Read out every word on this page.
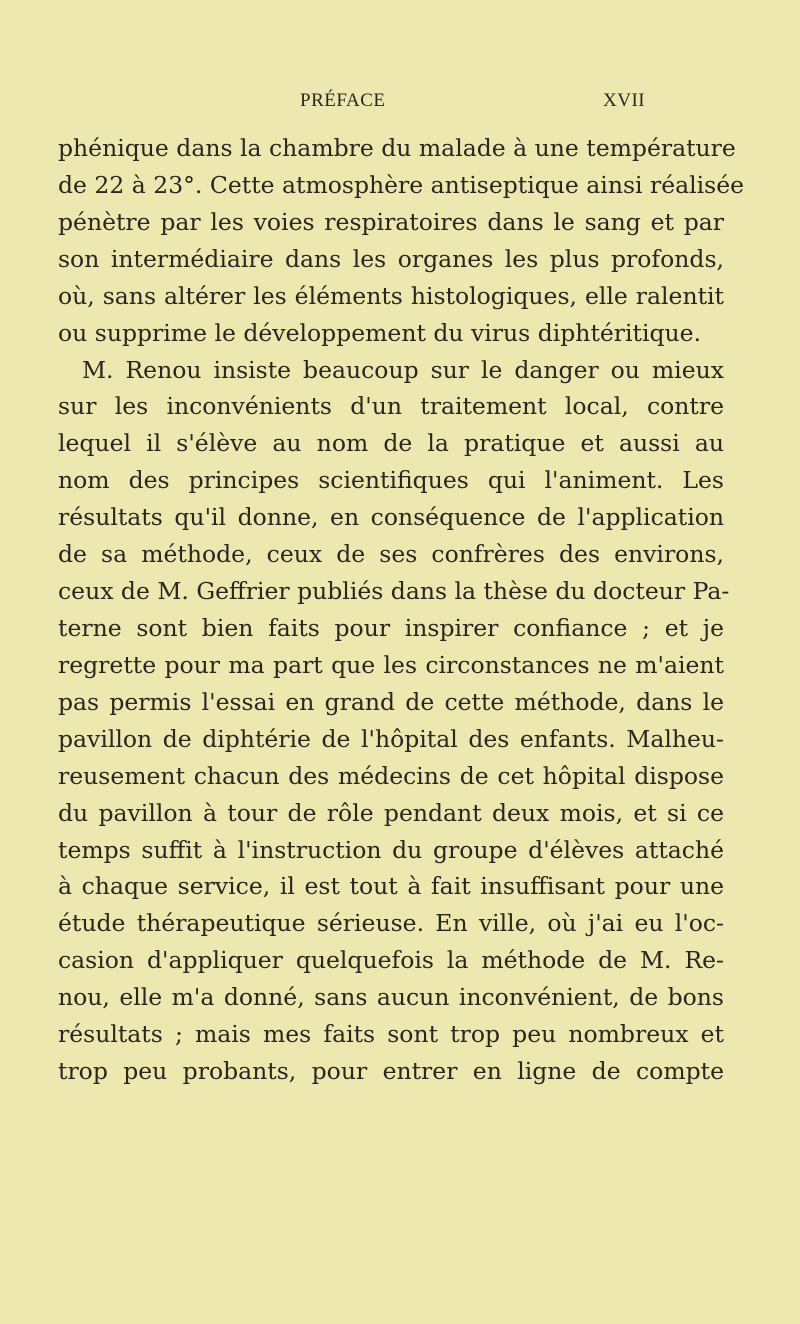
PRÉFACE	XVII
phénique dans la chambre du malade à une température
de 22 à 23°. Cette atmosphère antiseptique ainsi réalisée
pénètre par les voies respiratoires dans le sang et par
son intermédiaire dans les organes les plus profonds,
où, sans altérer les éléments histologiques, elle ralentit
ou supprime le développement du virus diphtéritique.
M. Renou insiste beaucoup sur le danger ou mieux
sur les inconvénients d'un traitement local, contre
lequel il s'élève au nom de la pratique et aussi au
nom des principes scientifiques qui l'animent. Les
résultats qu'il donne, en conséquence de l'application
de sa méthode, ceux de ses confrères des environs,
ceux de M. Geffrier publiés dans la thèse du docteur Pa-
terne sont bien faits pour inspirer confiance ; et je
regrette pour ma part que les circonstances ne m'aient
pas permis l'essai en grand de cette méthode, dans le
pavillon de diphtérie de l'hôpital des enfants. Malheu-
reusement chacun des médecins de cet hôpital dispose
du pavillon à tour de rôle pendant deux mois, et si ce
temps suffit à l'instruction du groupe d'élèves attaché
à chaque service, il est tout à fait insuffisant pour une
étude thérapeutique sérieuse. En ville, où j'ai eu l'oc-
casion d'appliquer quelquefois la méthode de M. Re-
nou, elle m'a donné, sans aucun inconvénient, de bons
résultats ; mais mes faits sont trop peu nombreux et
trop peu probants, pour entrer en ligne de compte
